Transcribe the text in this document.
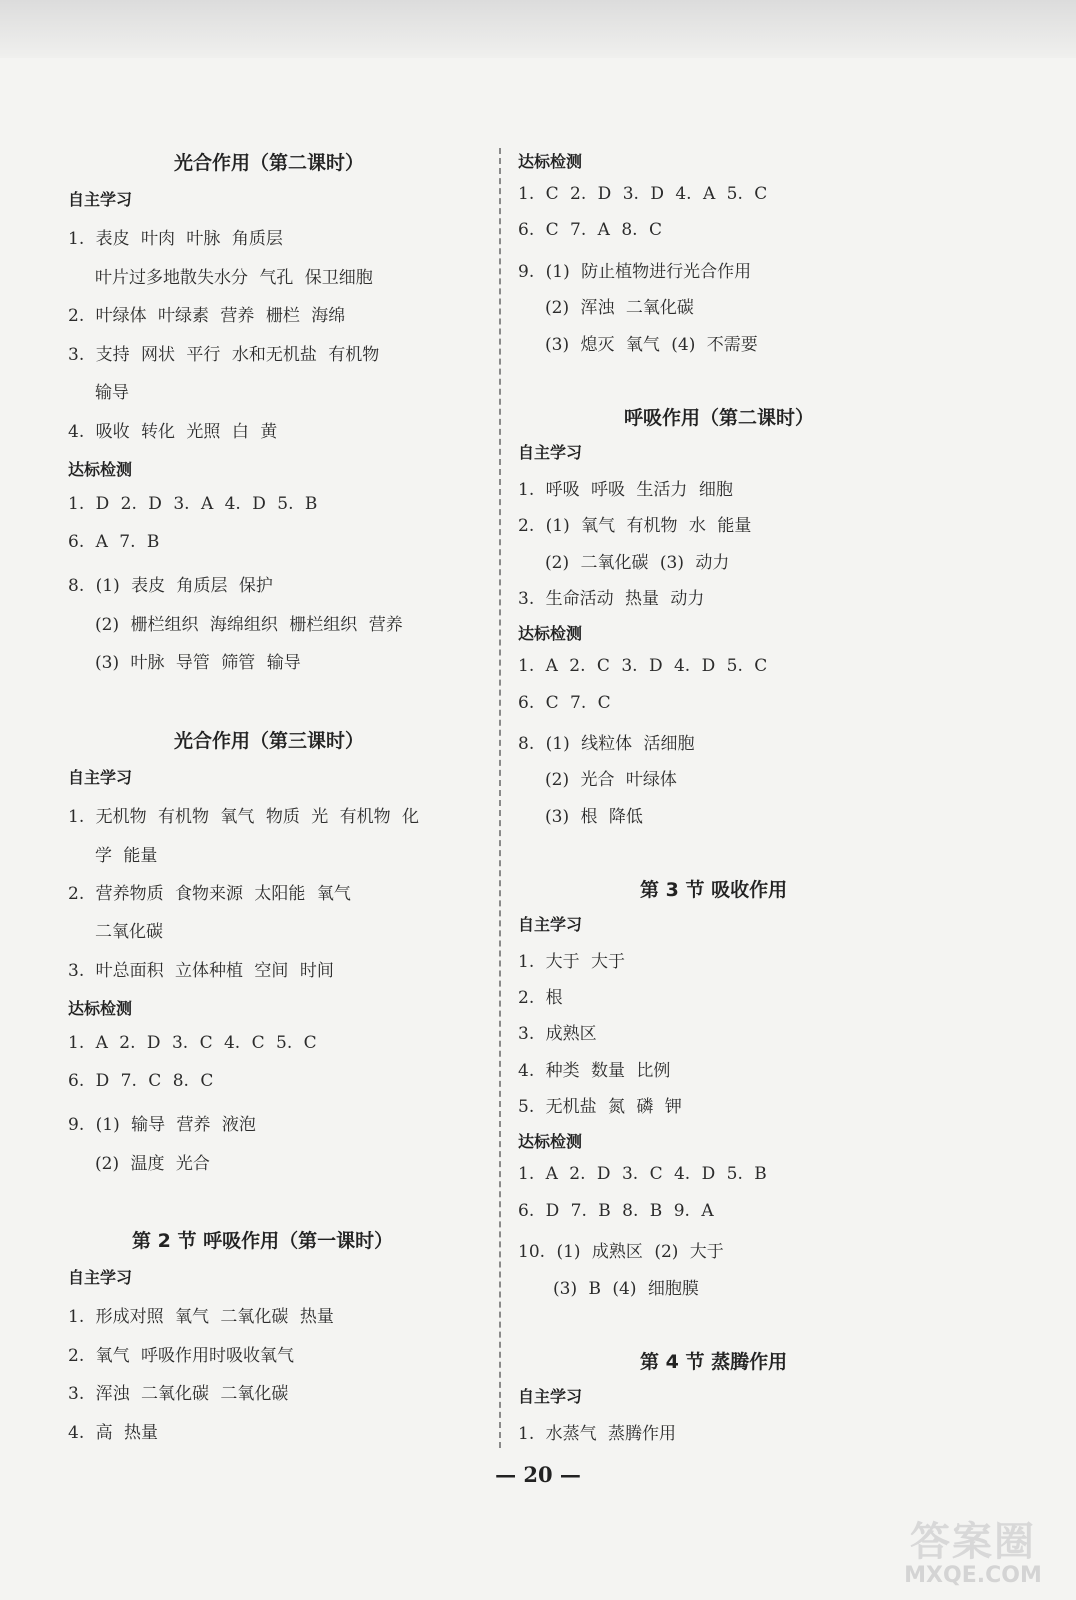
光合作用（第二课时）
自主学习
1. 表皮 叶肉 叶脉 角质层
叶片过多地散失水分 气孔 保卫细胞
2. 叶绿体 叶绿素 营养 栅栏 海绵
3. 支持 网状 平行 水和无机盐 有机物
输导
4. 吸收 转化 光照 白 黄
达标检测
1. D 2. D 3. A 4. D 5. B
6. A 7. B
8. (1) 表皮 角质层 保护
(2) 栅栏组织 海绵组织 栅栏组织 营养
(3) 叶脉 导管 筛管 输导
光合作用（第三课时）
自主学习
1. 无机物 有机物 氧气 物质 光 有机物 化
学 能量
2. 营养物质 食物来源 太阳能 氧气
二氧化碳
3. 叶总面积 立体种植 空间 时间
达标检测
1. A 2. D 3. C 4. C 5. C
6. D 7. C 8. C
9. (1) 输导 营养 液泡
(2) 温度 光合
第 2 节 呼吸作用（第一课时）
自主学习
1. 形成对照 氧气 二氧化碳 热量
2. 氧气 呼吸作用时吸收氧气
3. 浑浊 二氧化碳 二氧化碳
4. 高 热量
达标检测
1. C 2. D 3. D 4. A 5. C
6. C 7. A 8. C
9. (1) 防止植物进行光合作用
(2) 浑浊 二氧化碳
(3) 熄灭 氧气 (4) 不需要
呼吸作用（第二课时）
自主学习
1. 呼吸 呼吸 生活力 细胞
2. (1) 氧气 有机物 水 能量
(2) 二氧化碳 (3) 动力
3. 生命活动 热量 动力
达标检测
1. A 2. C 3. D 4. D 5. C
6. C 7. C
8. (1) 线粒体 活细胞
(2) 光合 叶绿体
(3) 根 降低
第 3 节 吸收作用
自主学习
1. 大于 大于
2. 根
3. 成熟区
4. 种类 数量 比例
5. 无机盐 氮 磷 钾
达标检测
1. A 2. D 3. C 4. D 5. B
6. D 7. B 8. B 9. A
10. (1) 成熟区 (2) 大于
(3) B (4) 细胞膜
第 4 节 蒸腾作用
自主学习
1. 水蒸气 蒸腾作用
— 20 —
答案圈
MXQE.COM
